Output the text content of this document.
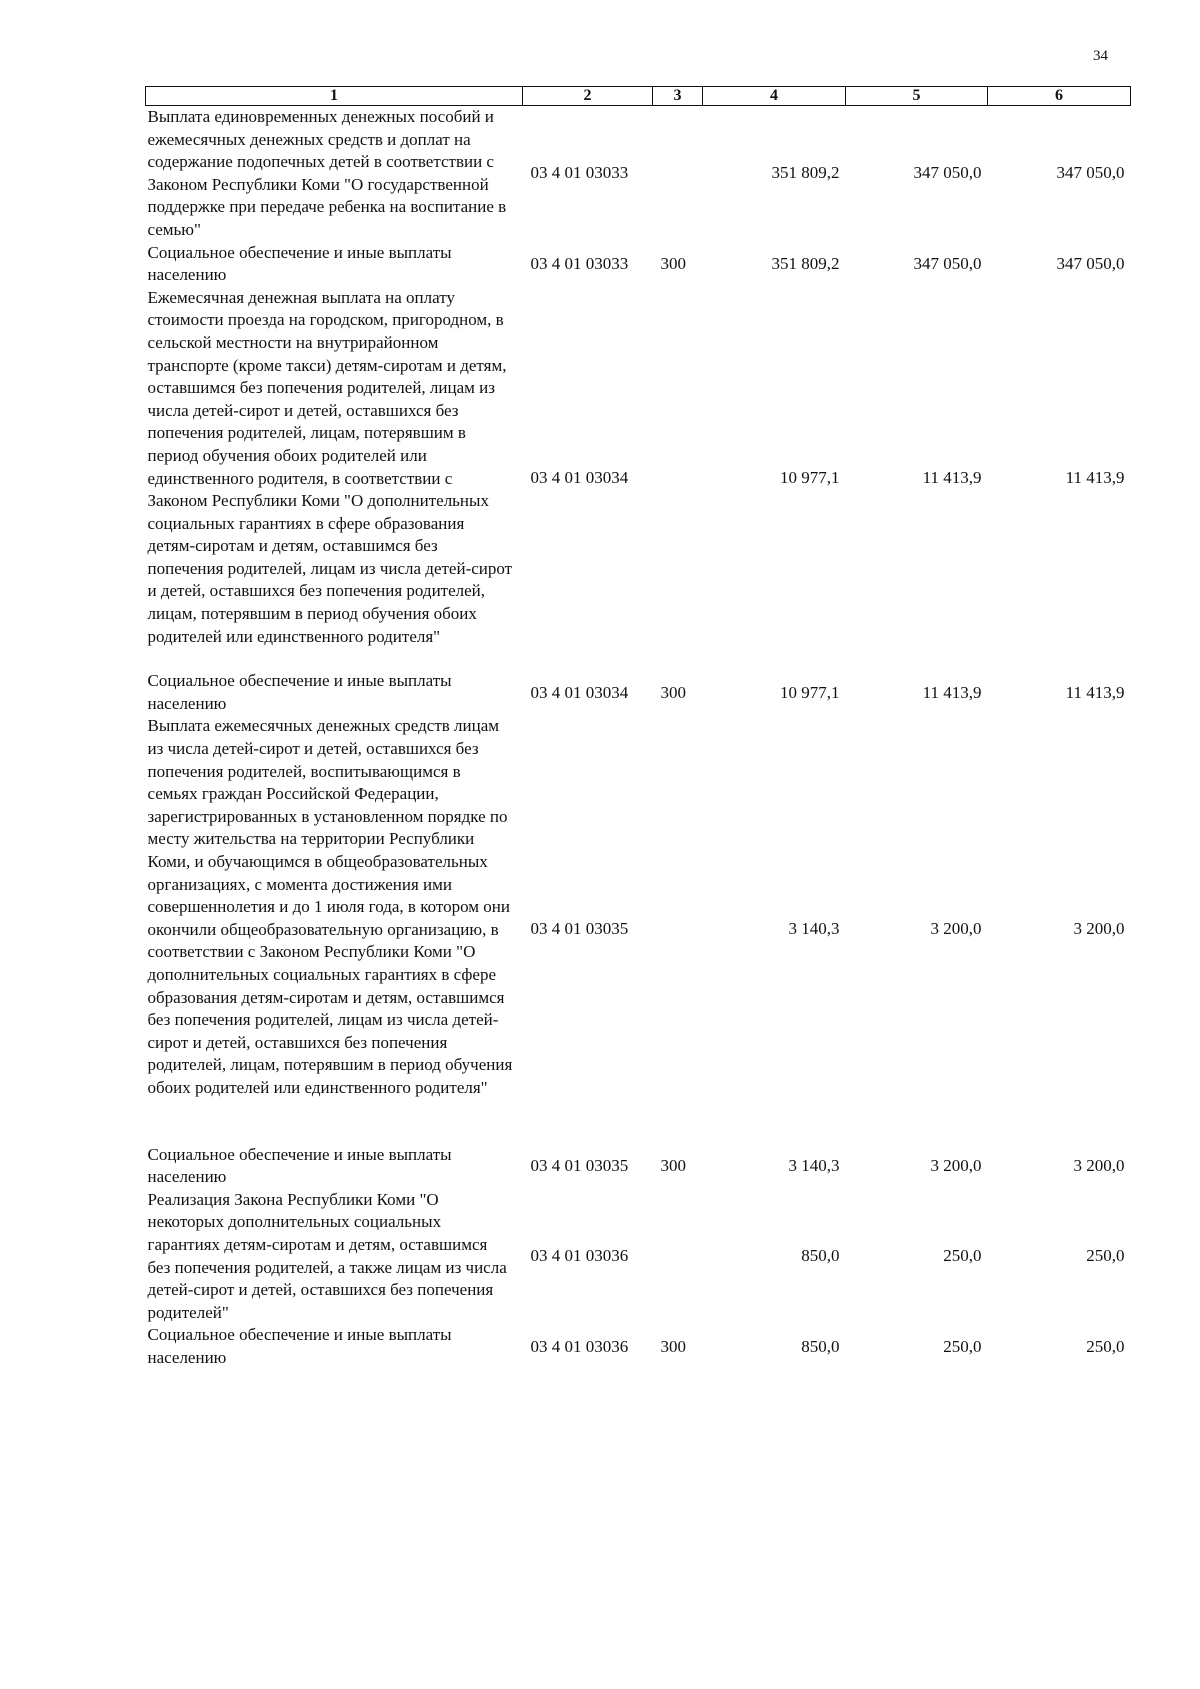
34
1	2	3	4	5	6
Выплата единовременных денежных пособий и ежемесячных денежных средств и доплат на содержание подопечных детей в соответствии с Законом Республики Коми "О государственной поддержке при передаче ребенка на воспитание в семью"	03 4 01 03033		351 809,2	347 050,0	347 050,0
Социальное обеспечение и иные выплаты населению	03 4 01 03033	300	351 809,2	347 050,0	347 050,0
Ежемесячная денежная выплата на оплату стоимости проезда на городском, пригородном, в сельской местности на внутрирайонном транспорте (кроме такси) детям-сиротам и детям, оставшимся без попечения родителей, лицам из числа детей-сирот и детей, оставшихся без попечения родителей, лицам, потерявшим в период обучения обоих родителей или единственного родителя, в соответствии с Законом Республики Коми "О дополнительных социальных гарантиях в сфере образования детям-сиротам и детям, оставшимся без попечения родителей, лицам из числа детей-сирот и детей, оставшихся без попечения родителей, лицам, потерявшим в период обучения обоих родителей или единственного родителя"	03 4 01 03034		10 977,1	11 413,9	11 413,9
Социальное обеспечение и иные выплаты населению	03 4 01 03034	300	10 977,1	11 413,9	11 413,9
Выплата ежемесячных денежных средств лицам из числа детей-сирот и детей, оставшихся без попечения родителей, воспитывающимся в семьях граждан Российской Федерации, зарегистрированных в установленном порядке по месту жительства на территории Республики Коми, и обучающимся в общеобразовательных организациях, с момента достижения ими совершеннолетия и до 1 июля года, в котором они окончили общеобразовательную организацию, в соответствии с Законом Республики Коми "О дополнительных социальных гарантиях в сфере образования детям-сиротам и детям, оставшимся без попечения родителей, лицам из числа детей-сирот и детей, оставшихся без попечения родителей, лицам, потерявшим в период обучения обоих родителей или единственного родителя"	03 4 01 03035		3 140,3	3 200,0	3 200,0
Социальное обеспечение и иные выплаты населению	03 4 01 03035	300	3 140,3	3 200,0	3 200,0
Реализация Закона Республики Коми "О некоторых дополнительных социальных гарантиях детям-сиротам и детям, оставшимся без попечения родителей, а также лицам из числа детей-сирот и детей, оставшихся без попечения родителей"	03 4 01 03036		850,0	250,0	250,0
Социальное обеспечение и иные выплаты населению	03 4 01 03036	300	850,0	250,0	250,0
